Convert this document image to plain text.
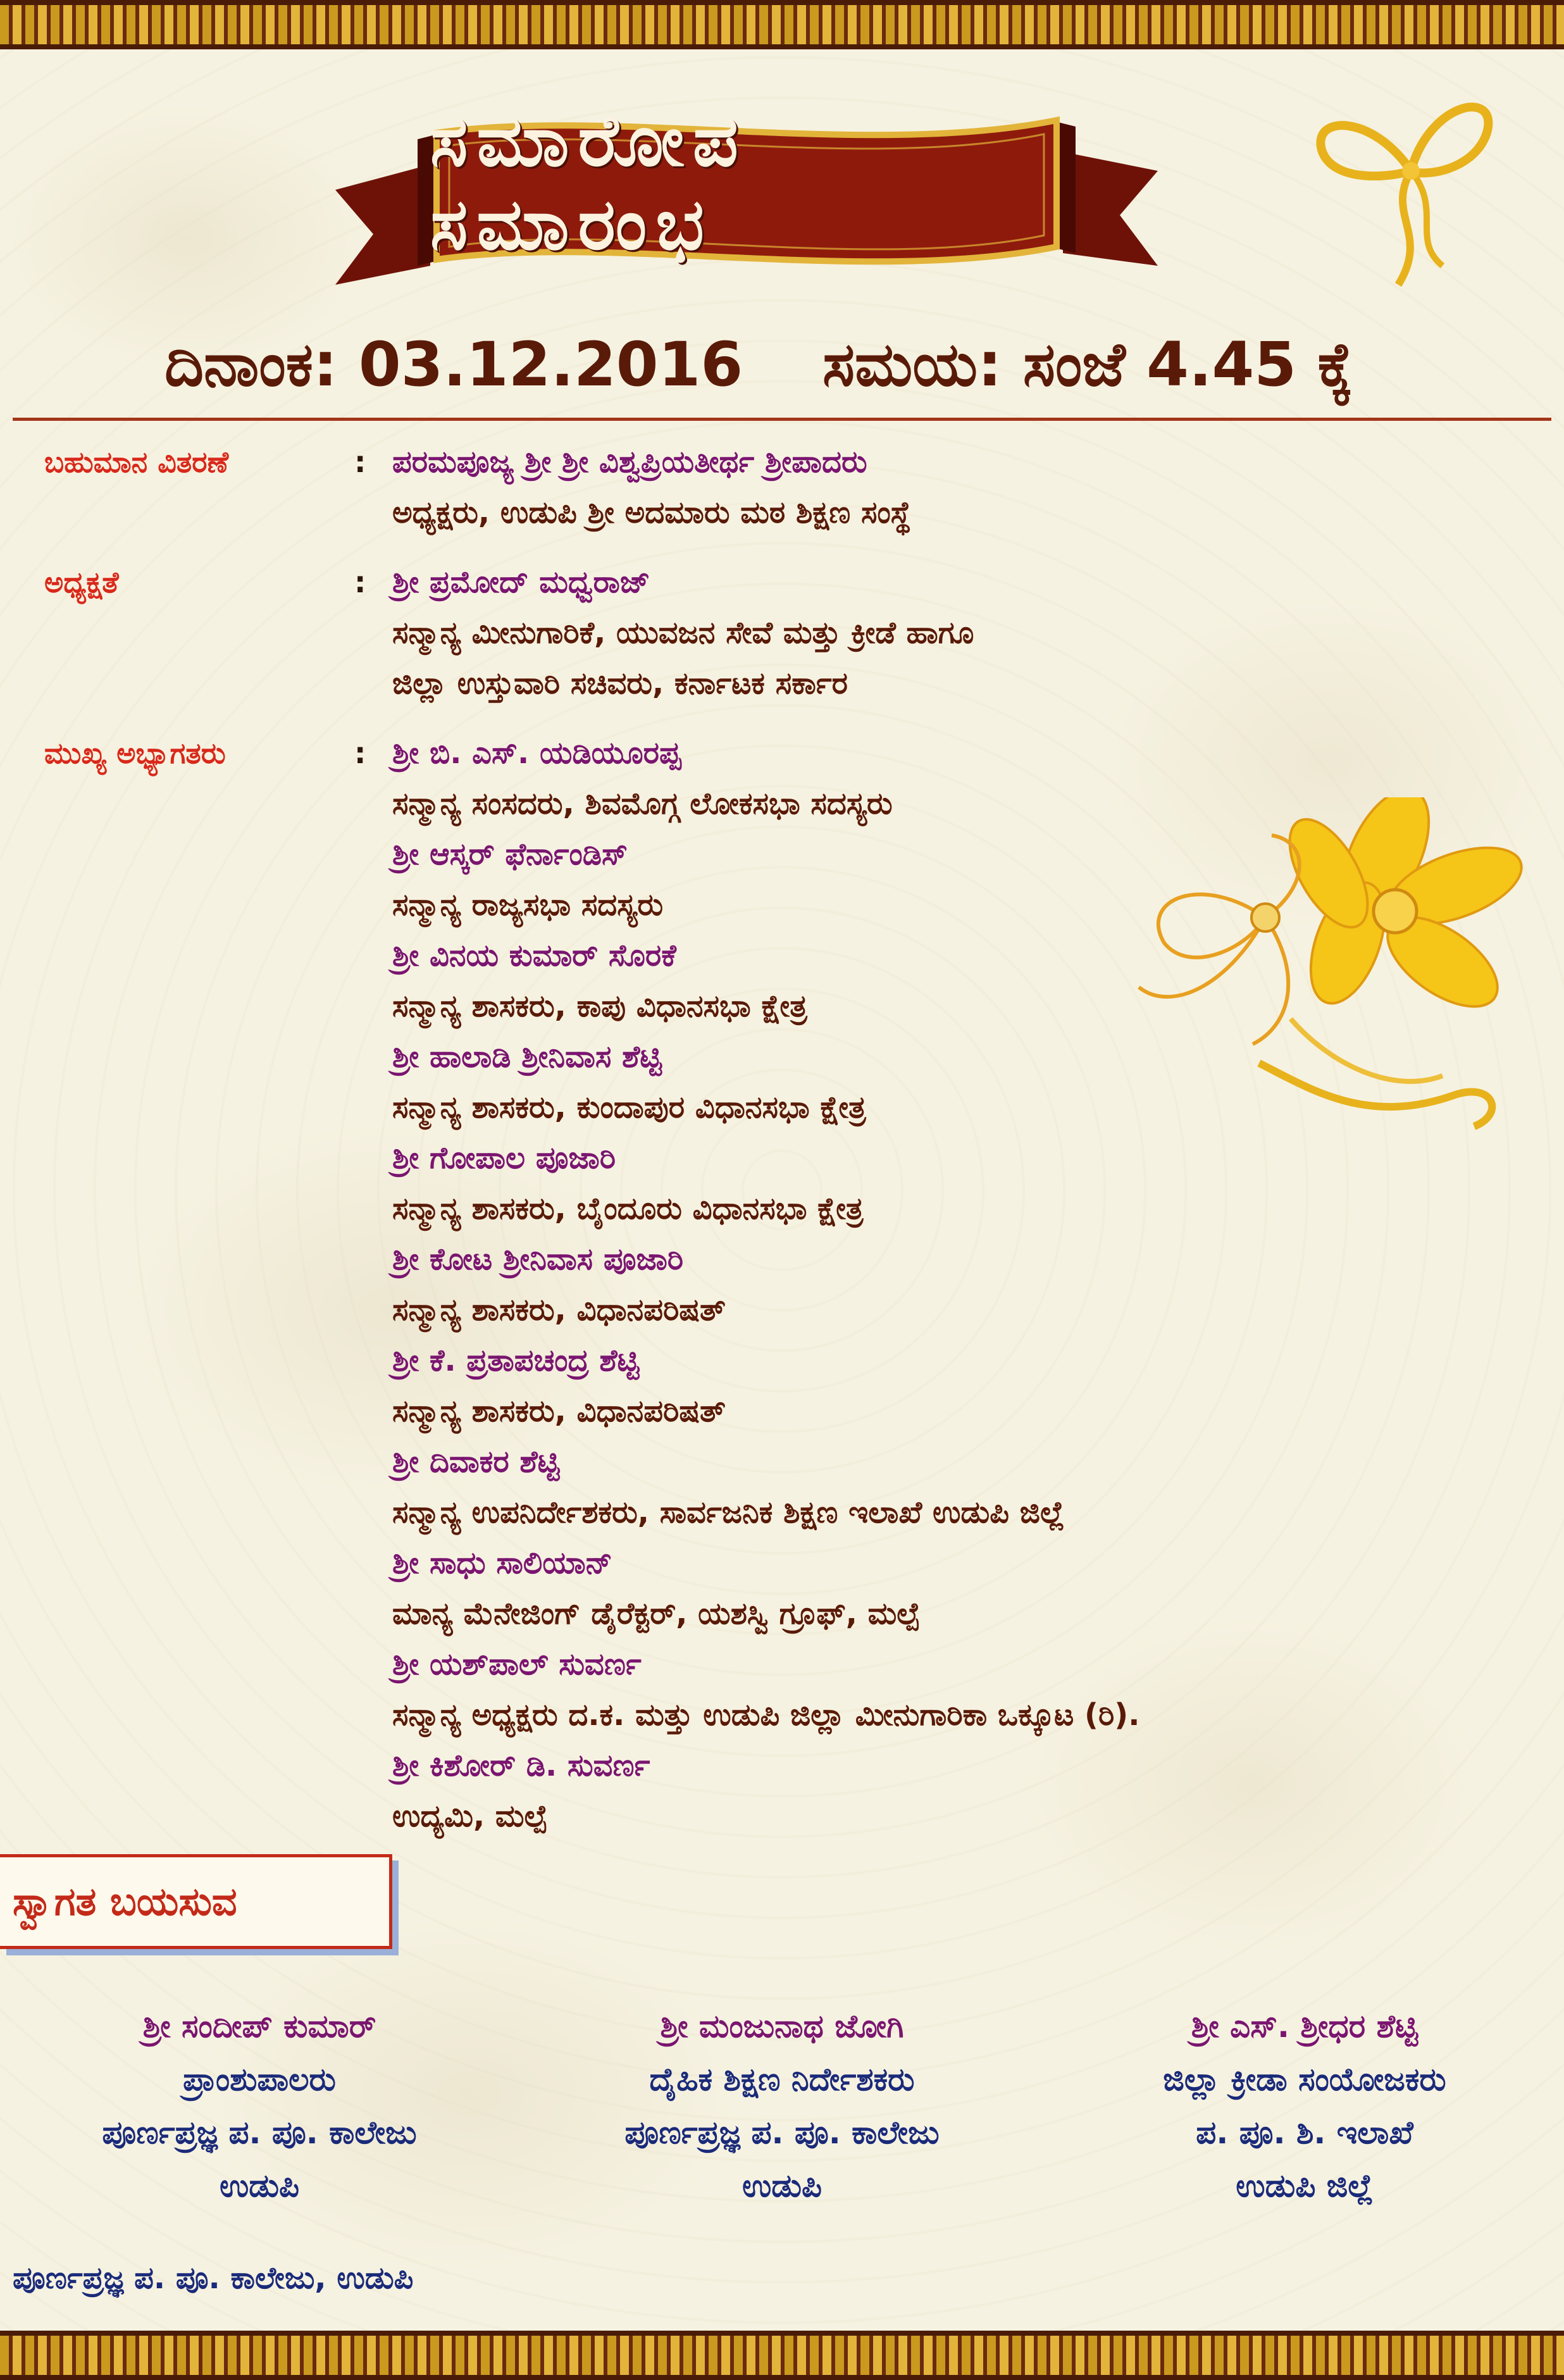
ಸಮಾರೋಪ ಸಮಾರಂಭ
ದಿನಾಂಕ: 03.12.2016 ಸಮಯ: ಸಂಜೆ 4.45 ಕ್ಕೆ
ಬಹುಮಾನ ವಿತರಣೆ	: ಪರಮಪೂಜ್ಯ ಶ್ರೀ ಶ್ರೀ ವಿಶ್ವಪ್ರಿಯತೀರ್ಥ ಶ್ರೀಪಾದರು
ಅಧ್ಯಕ್ಷರು, ಉಡುಪಿ ಶ್ರೀ ಅದಮಾರು ಮಠ ಶಿಕ್ಷಣ ಸಂಸ್ಥೆ
ಅಧ್ಯಕ್ಷತೆ	: ಶ್ರೀ ಪ್ರಮೋದ್ ಮಧ್ವರಾಜ್
ಸನ್ಮಾನ್ಯ ಮೀನುಗಾರಿಕೆ, ಯುವಜನ ಸೇವೆ ಮತ್ತು ಕ್ರೀಡೆ ಹಾಗೂ
ಜಿಲ್ಲಾ ಉಸ್ತುವಾರಿ ಸಚಿವರು, ಕರ್ನಾಟಕ ಸರ್ಕಾರ
ಮುಖ್ಯ ಅಭ್ಯಾಗತರು	: ಶ್ರೀ ಬಿ. ಎಸ್. ಯಡಿಯೂರಪ್ಪ
ಸನ್ಮಾನ್ಯ ಸಂಸದರು, ಶಿವಮೊಗ್ಗ ಲೋಕಸಭಾ ಸದಸ್ಯರು
ಶ್ರೀ ಆಸ್ಕರ್ ಫೆರ್ನಾಂಡಿಸ್
ಸನ್ಮಾನ್ಯ ರಾಜ್ಯಸಭಾ ಸದಸ್ಯರು
ಶ್ರೀ ವಿನಯ ಕುಮಾರ್ ಸೊರಕೆ
ಸನ್ಮಾನ್ಯ ಶಾಸಕರು, ಕಾಪು ವಿಧಾನಸಭಾ ಕ್ಷೇತ್ರ
ಶ್ರೀ ಹಾಲಾಡಿ ಶ್ರೀನಿವಾಸ ಶೆಟ್ಟಿ
ಸನ್ಮಾನ್ಯ ಶಾಸಕರು, ಕುಂದಾಪುರ ವಿಧಾನಸಭಾ ಕ್ಷೇತ್ರ
ಶ್ರೀ ಗೋಪಾಲ ಪೂಜಾರಿ
ಸನ್ಮಾನ್ಯ ಶಾಸಕರು, ಬೈಂದೂರು ವಿಧಾನಸಭಾ ಕ್ಷೇತ್ರ
ಶ್ರೀ ಕೋಟ ಶ್ರೀನಿವಾಸ ಪೂಜಾರಿ
ಸನ್ಮಾನ್ಯ ಶಾಸಕರು, ವಿಧಾನಪರಿಷತ್
ಶ್ರೀ ಕೆ. ಪ್ರತಾಪಚಂದ್ರ ಶೆಟ್ಟಿ
ಸನ್ಮಾನ್ಯ ಶಾಸಕರು, ವಿಧಾನಪರಿಷತ್
ಶ್ರೀ ದಿವಾಕರ ಶೆಟ್ಟಿ
ಸನ್ಮಾನ್ಯ ಉಪನಿರ್ದೇಶಕರು, ಸಾರ್ವಜನಿಕ ಶಿಕ್ಷಣ ಇಲಾಖೆ ಉಡುಪಿ ಜಿಲ್ಲೆ
ಶ್ರೀ ಸಾಧು ಸಾಲಿಯಾನ್
ಮಾನ್ಯ ಮೆನೇಜಿಂಗ್ ಡೈರೆಕ್ಟರ್, ಯಶಸ್ವಿ ಗ್ರೂಫ್, ಮಲ್ಪೆ
ಶ್ರೀ ಯಶ್‌ಪಾಲ್ ಸುವರ್ಣ
ಸನ್ಮಾನ್ಯ ಅಧ್ಯಕ್ಷರು ದ.ಕ. ಮತ್ತು ಉಡುಪಿ ಜಿಲ್ಲಾ ಮೀನುಗಾರಿಕಾ ಒಕ್ಕೂಟ (ರಿ).
ಶ್ರೀ ಕಿಶೋರ್ ಡಿ. ಸುವರ್ಣ
ಉದ್ಯಮಿ, ಮಲ್ಪೆ
ಸ್ವಾಗತ ಬಯಸುವ
ಶ್ರೀ ಸಂದೀಪ್ ಕುಮಾರ್
ಪ್ರಾಂಶುಪಾಲರು
ಪೂರ್ಣಪ್ರಜ್ಞ ಪ. ಪೂ. ಕಾಲೇಜು
ಉಡುಪಿ
ಶ್ರೀ ಮಂಜುನಾಥ ಜೋಗಿ
ದೈಹಿಕ ಶಿಕ್ಷಣ ನಿರ್ದೇಶಕರು
ಪೂರ್ಣಪ್ರಜ್ಞ ಪ. ಪೂ. ಕಾಲೇಜು
ಉಡುಪಿ
ಶ್ರೀ ಎಸ್. ಶ್ರೀಧರ ಶೆಟ್ಟಿ
ಜಿಲ್ಲಾ ಕ್ರೀಡಾ ಸಂಯೋಜಕರು
ಪ. ಪೂ. ಶಿ. ಇಲಾಖೆ
ಉಡುಪಿ ಜಿಲ್ಲೆ
ಪೂರ್ಣಪ್ರಜ್ಞ ಪ. ಪೂ. ಕಾಲೇಜು, ಉಡುಪಿ
